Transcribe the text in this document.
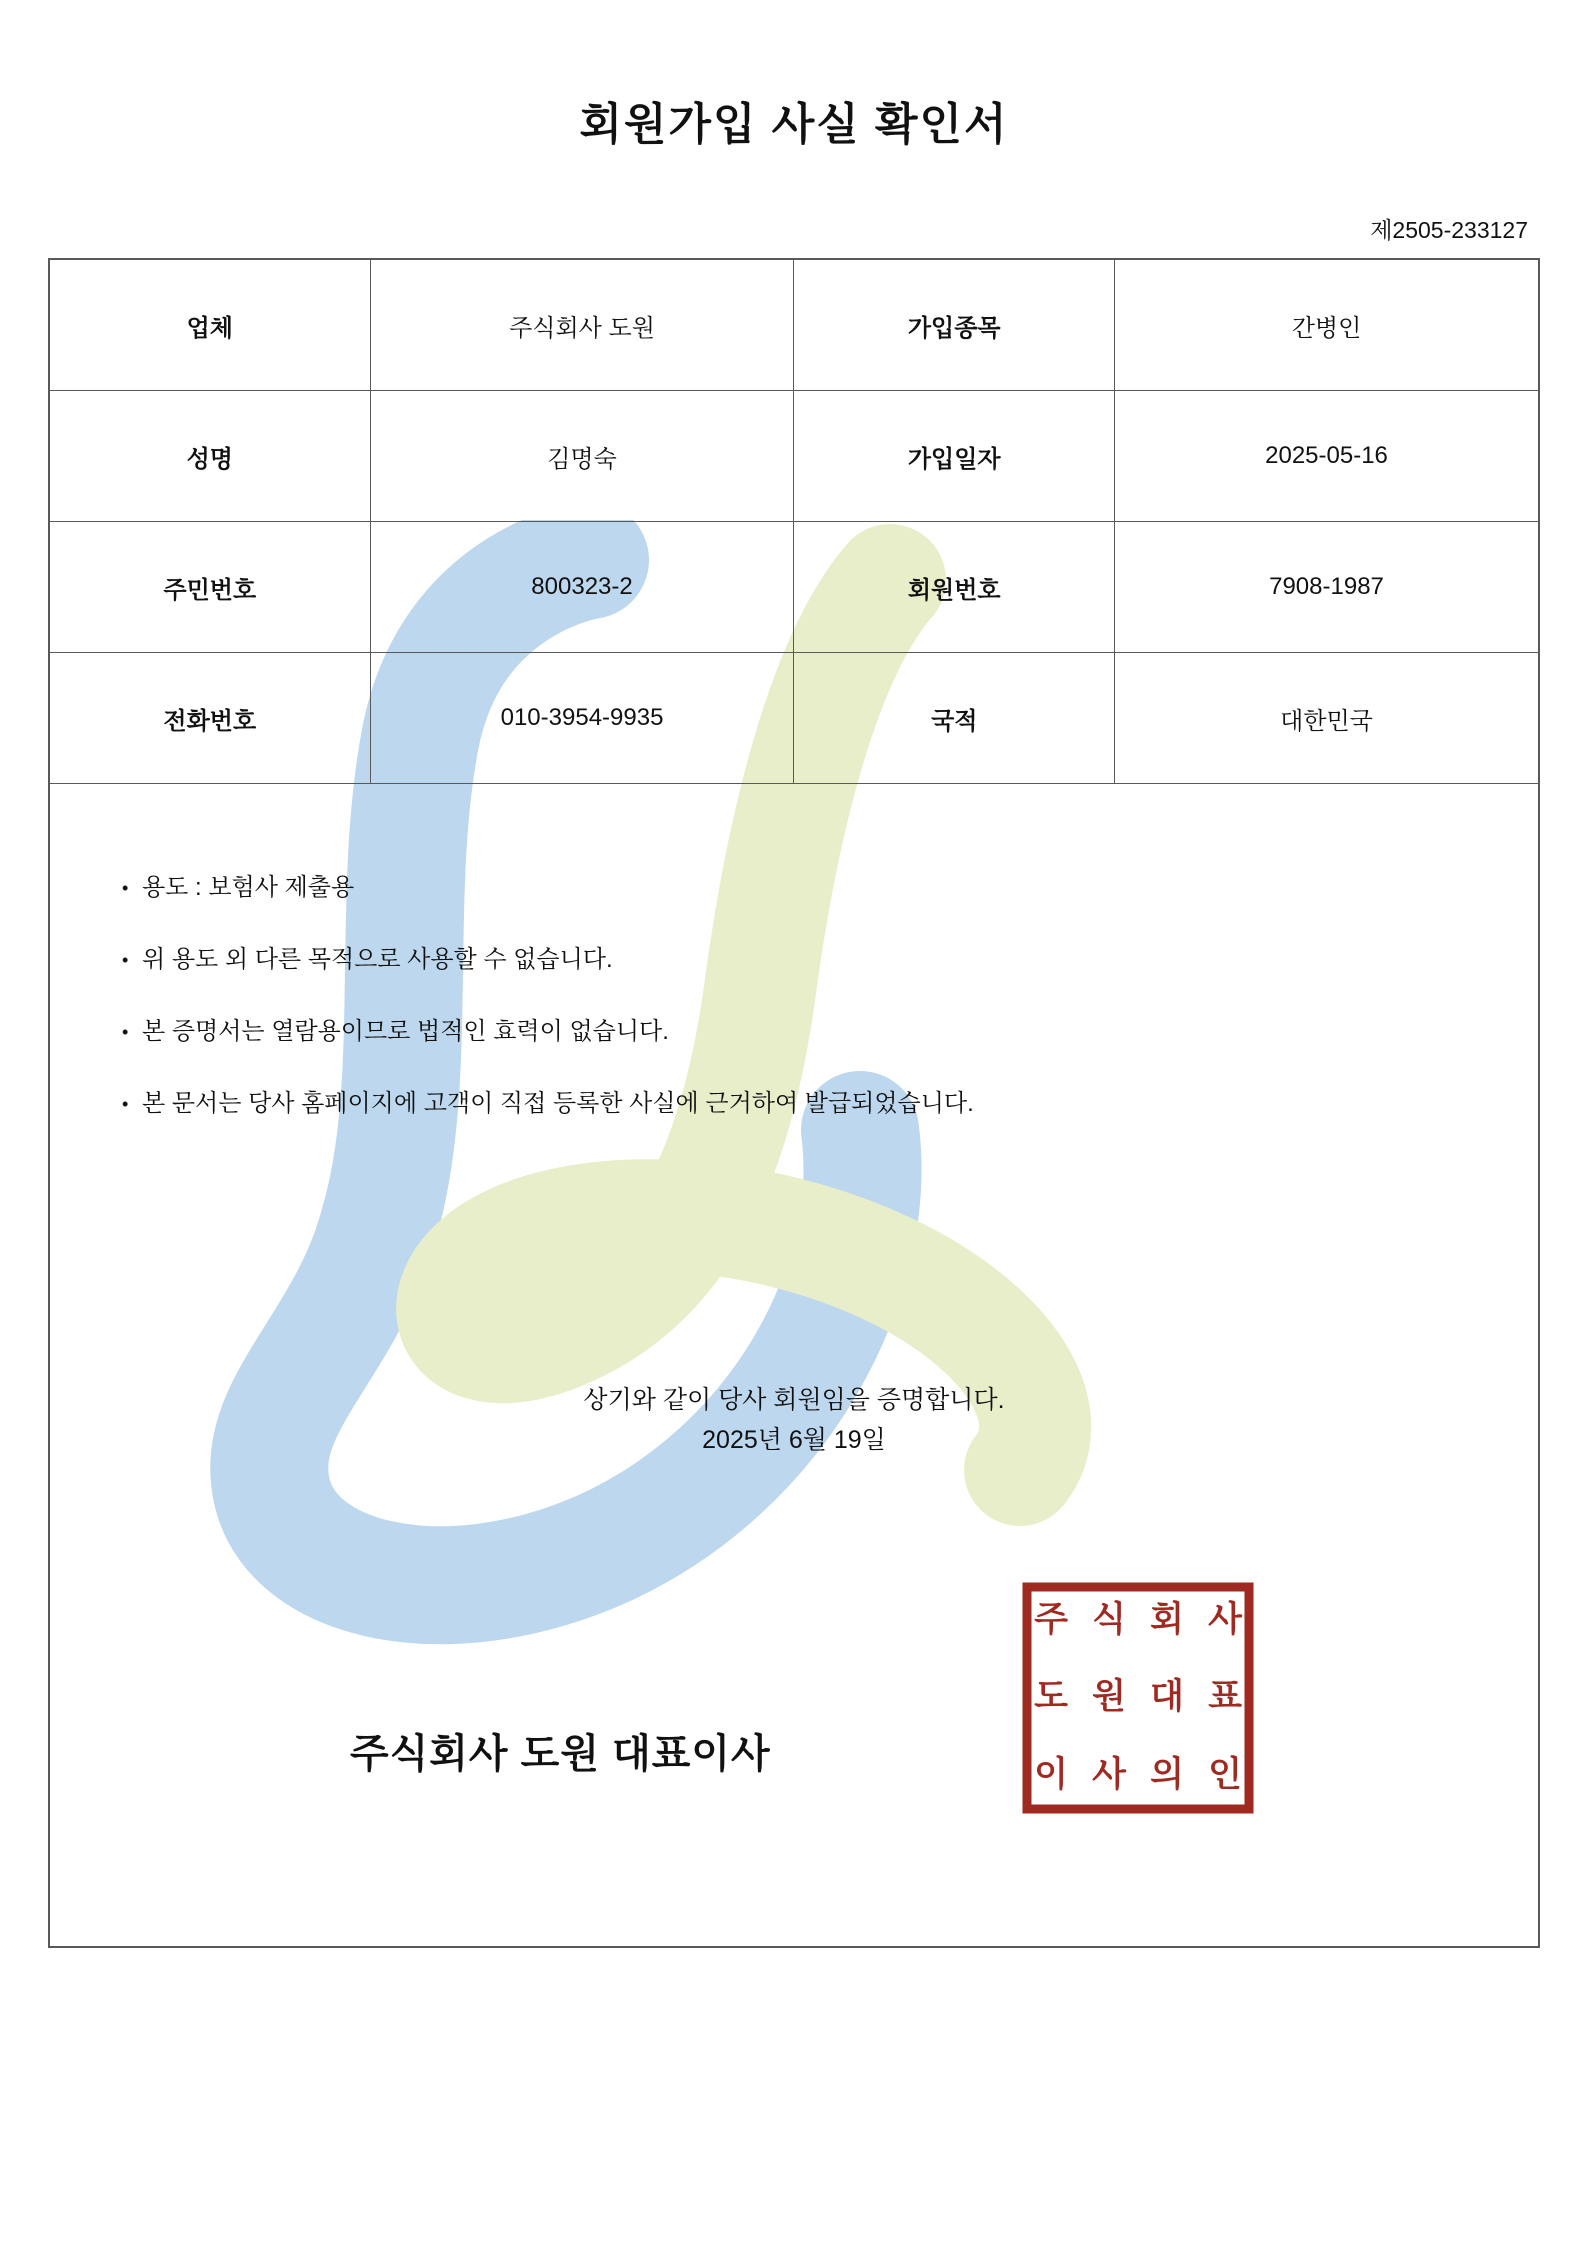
회원가입 사실 확인서
제2505-233127
업체	주식회사 도원	가입종목	간병인
성명	김명숙	가입일자	2025-05-16
주민번호	800323-2	회원번호	7908-1987
전화번호	010-3954-9935	국적	대한민국
• 용도 : 보험사 제출용
• 위 용도 외 다른 목적으로 사용할 수 없습니다.
• 본 증명서는 열람용이므로 법적인 효력이 없습니다.
• 본 문서는 당사 홈페이지에 고객이 직접 등록한 사실에 근거하여 발급되었습니다.
상기와 같이 당사 회원임을 증명합니다.
2025년 6월 19일
주식회사 도원 대표이사
주 식 회 사
도 원 대 표
이 사 의 인
